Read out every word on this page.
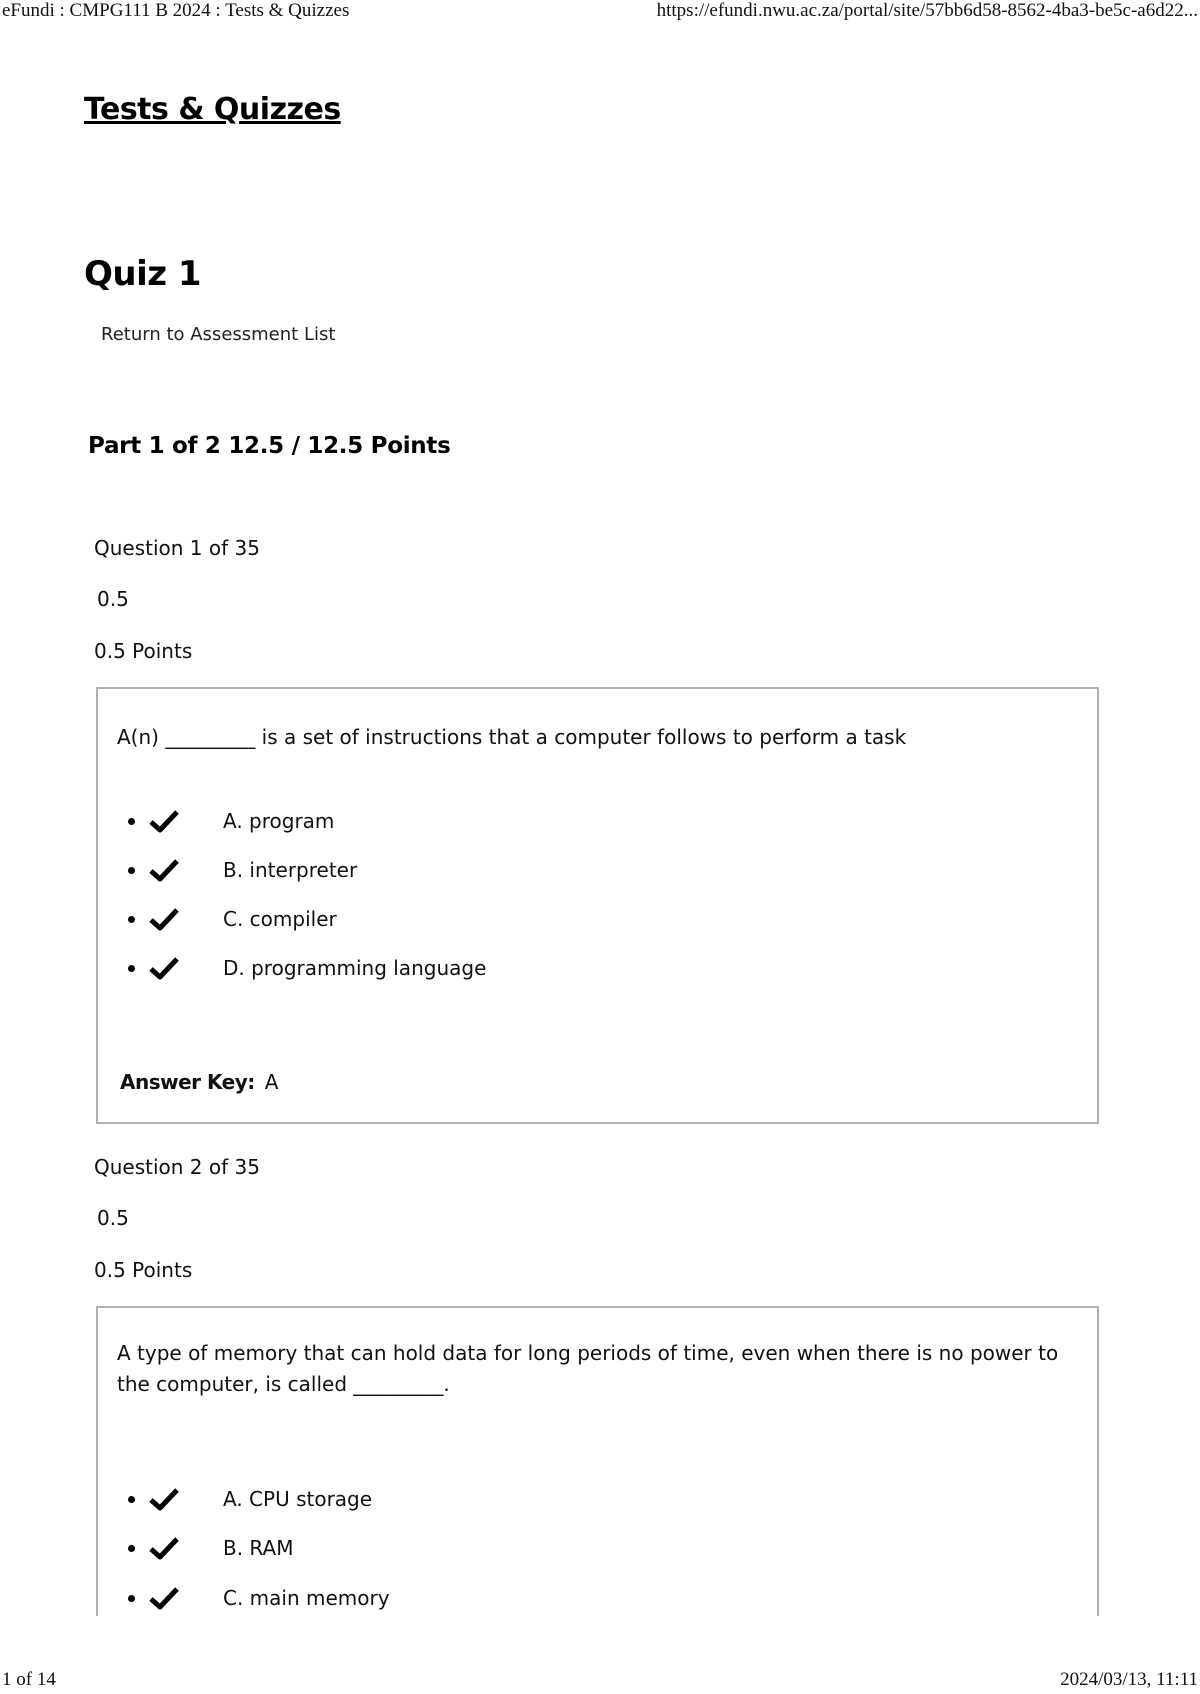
eFundi : CMPG111 B 2024 : Tests & Quizzes	https://efundi.nwu.ac.za/portal/site/57bb6d58-8562-4ba3-be5c-a6d22...
Tests & Quizzes
Quiz 1
Return to Assessment List
Part 1 of 2 12.5 / 12.5 Points
Question 1 of 35
0.5
0.5 Points

A(n) _________ is a set of instructions that a computer follows to perform a task

A. program
B. interpreter
C. compiler
D. programming language
Answer Key: A
Question 2 of 35
0.5
0.5 Points

A type of memory that can hold data for long periods of time, even when there is no power to the computer, is called _________.

A. CPU storage
B. RAM
C. main memory
1 of 14	2024/03/13, 11:11
